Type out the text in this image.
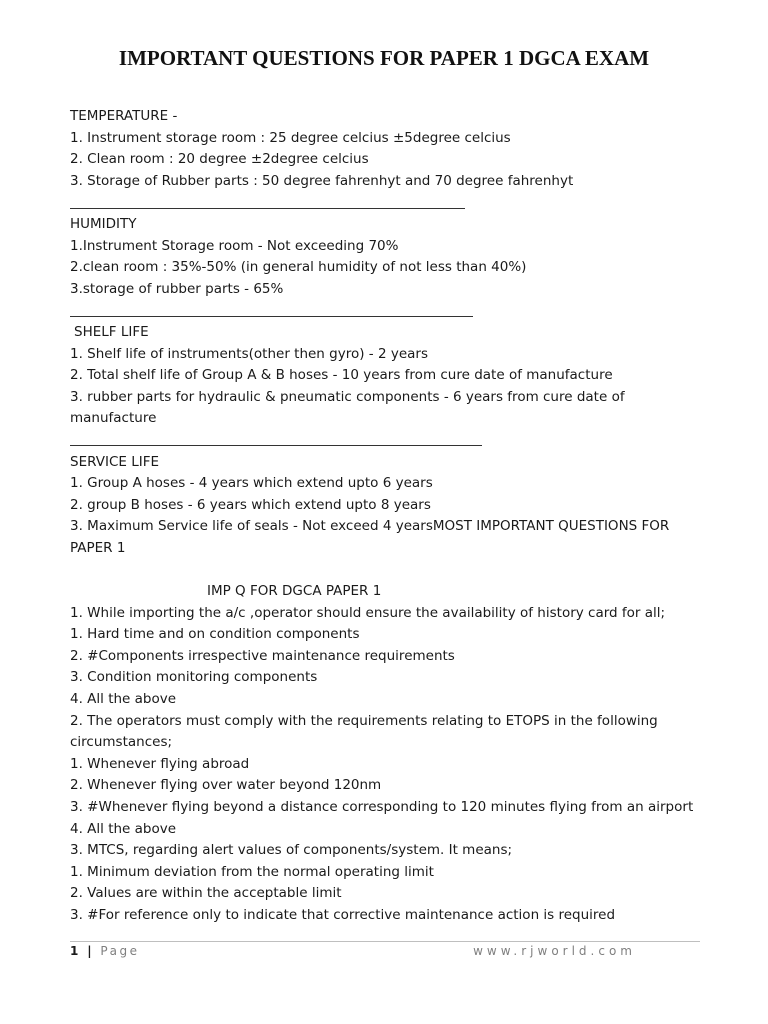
IMPORTANT QUESTIONS FOR PAPER 1 DGCA EXAM
TEMPERATURE -
1. Instrument storage room : 25 degree celcius ±5degree celcius
2. Clean room : 20 degree ±2degree celcius
3. Storage of Rubber parts : 50 degree fahrenhyt and 70 degree fahrenhyt
HUMIDITY
1.Instrument Storage room - Not exceeding 70%
2.clean room : 35%-50% (in general humidity of not less than 40%)
3.storage of rubber parts - 65%
SHELF LIFE
1. Shelf life of instruments(other then gyro) - 2 years
2. Total shelf life of Group A & B hoses - 10 years from cure date of manufacture
3. rubber parts for hydraulic & pneumatic components - 6 years from cure date of
manufacture
SERVICE LIFE
1. Group A hoses - 4 years which extend upto 6 years
2. group B hoses - 6 years which extend upto 8 years
3. Maximum Service life of seals - Not exceed 4 yearsMOST IMPORTANT QUESTIONS FOR
PAPER 1
IMP Q FOR DGCA PAPER 1
1. While importing the a/c ,operator should ensure the availability of history card for all;
1. Hard time and on condition components
2. #Components irrespective maintenance requirements
3. Condition monitoring components
4. All the above
2. The operators must comply with the requirements relating to ETOPS in the following
circumstances;
1. Whenever flying abroad
2. Whenever flying over water beyond 120nm
3. #Whenever flying beyond a distance corresponding to 120 minutes flying from an airport
4. All the above
3. MTCS, regarding alert values of components/system. It means;
1. Minimum deviation from the normal operating limit
2. Values are within the acceptable limit
3. #For reference only to indicate that corrective maintenance action is required
1 | Page	www.rjworld.com
